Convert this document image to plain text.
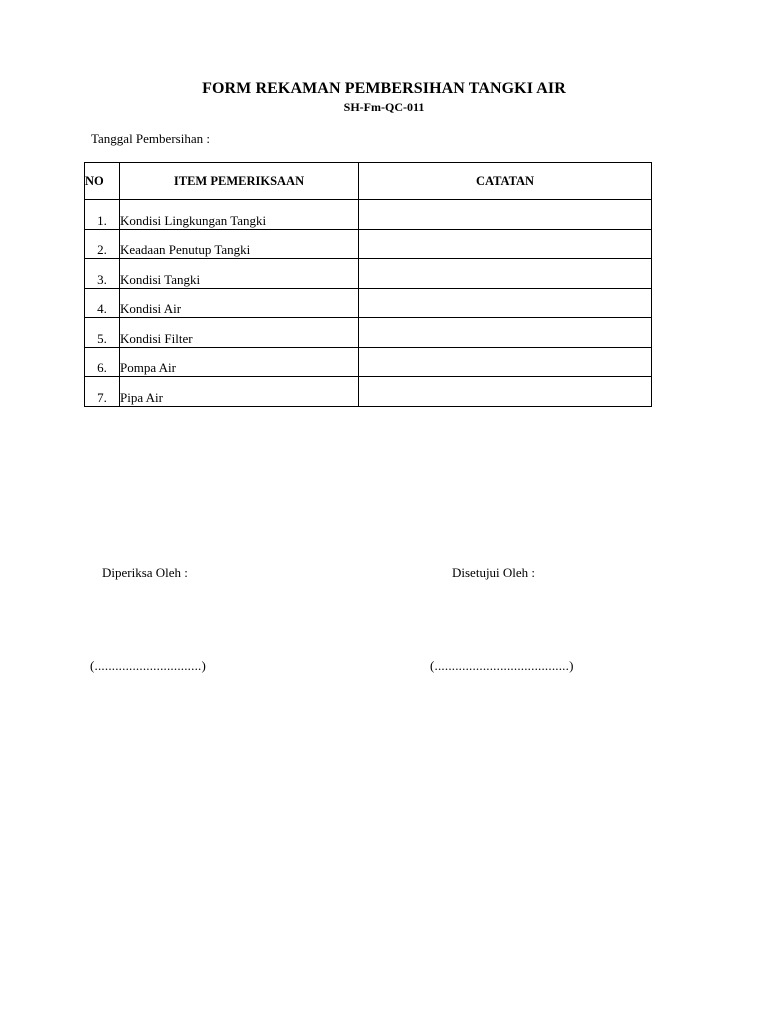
FORM REKAMAN PEMBERSIHAN TANGKI AIR
SH-Fm-QC-011
Tanggal Pembersihan :
NO	ITEM PEMERIKSAAN	CATATAN
1.	Kondisi Lingkungan Tangki	
2.	Keadaan Penutup Tangki	
3.	Kondisi Tangki	
4.	Kondisi Air	
5.	Kondisi Filter	
6.	Pompa Air	
7.	Pipa Air	
Diperiksa Oleh :	Disetujui Oleh :
(...............................)	(.......................................)
